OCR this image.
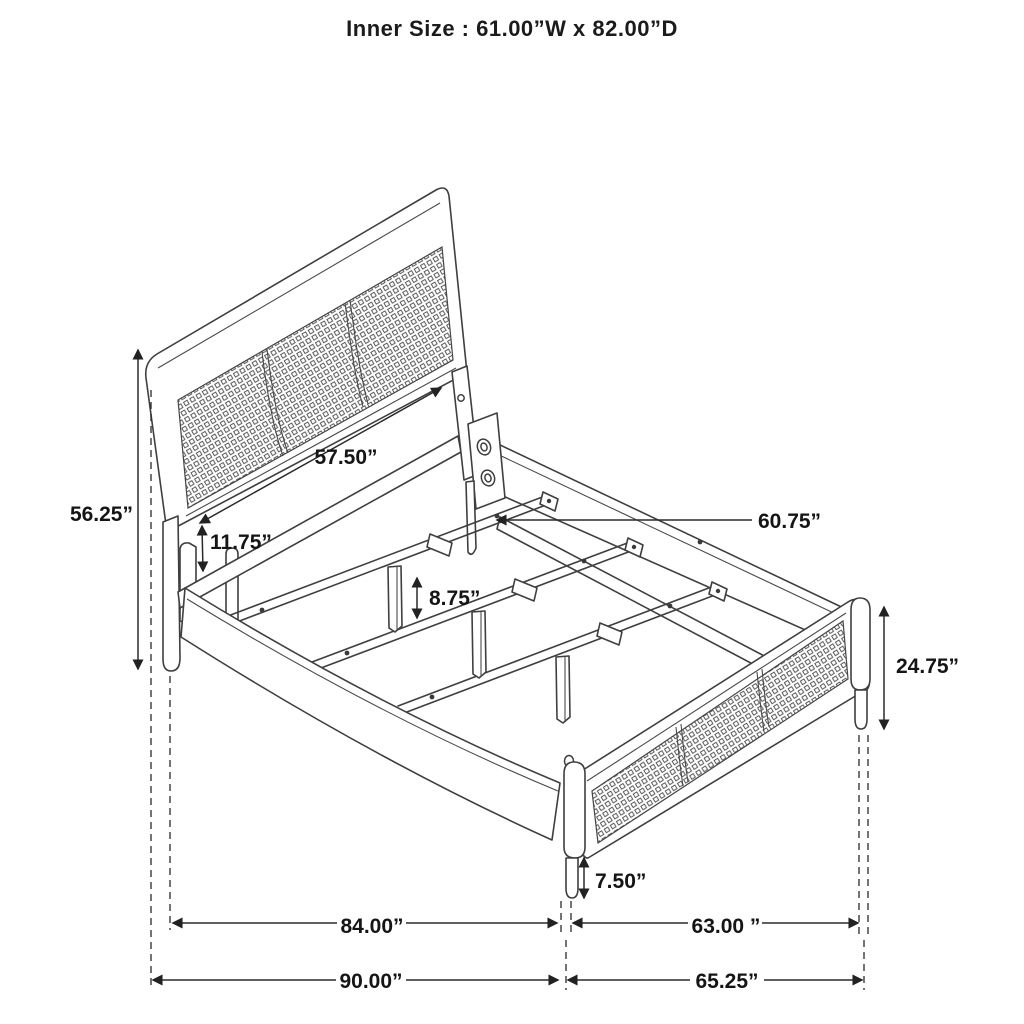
Inner Size : 61.00”W x 82.00”D
56.25”
11.75”
57.50”
8.75”
60.75”
24.75”
7.50”
84.00”	63.00 ”
90.00”	65.25”
